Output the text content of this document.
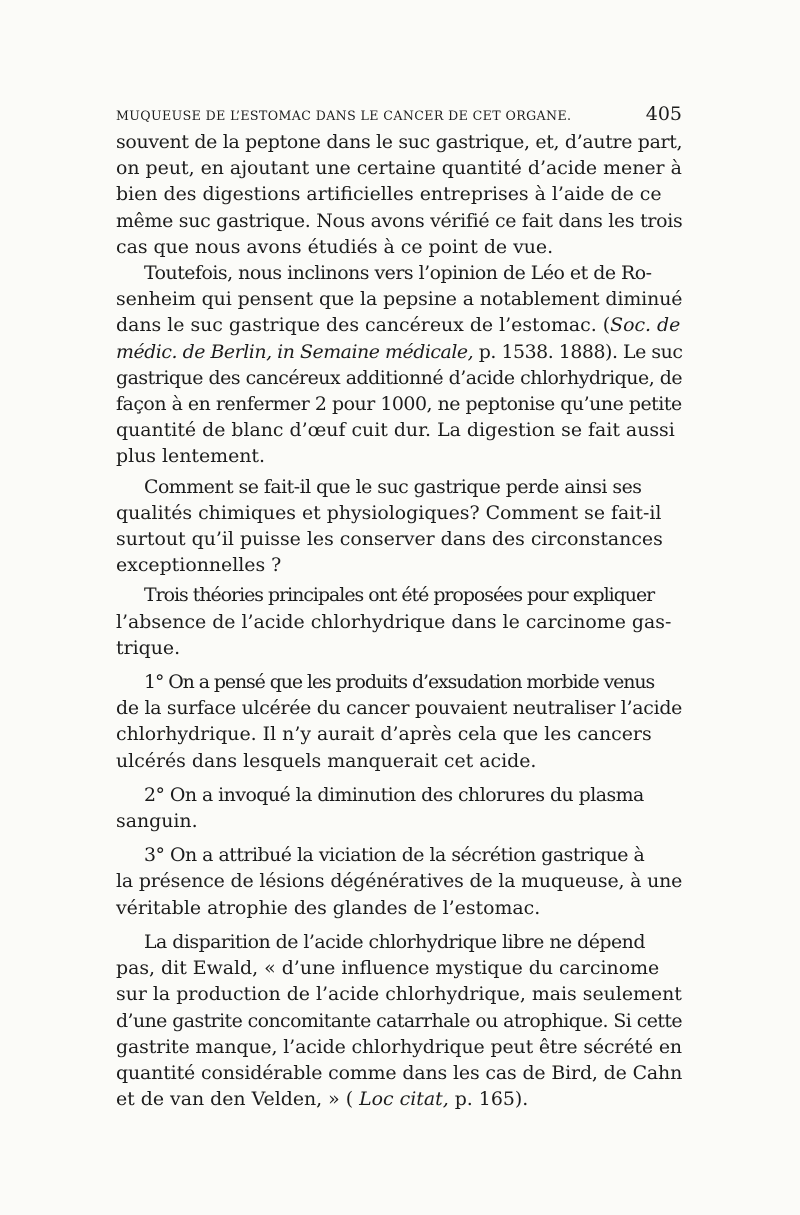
MUQUEUSE DE L’ESTOMAC DANS LE CANCER DE CET ORGANE.	405

souvent de la peptone dans le suc gastrique, et, d’autre part,
on peut, en ajoutant une certaine quantité d’acide mener à
bien des digestions artificielles entreprises à l’aide de ce
même suc gastrique. Nous avons vérifié ce fait dans les trois
cas que nous avons étudiés à ce point de vue.

Toutefois, nous inclinons vers l’opinion de Léo et de Ro-
senheim qui pensent que la pepsine a notablement diminué
dans le suc gastrique des cancéreux de l’estomac. (Soc. de
médic. de Berlin, in Semaine médicale, p. 1538. 1888). Le suc
gastrique des cancéreux additionné d’acide chlorhydrique, de
façon à en renfermer 2 pour 1000, ne peptonise qu’une petite
quantité de blanc d’œuf cuit dur. La digestion se fait aussi
plus lentement.

Comment se fait-il que le suc gastrique perde ainsi ses
qualités chimiques et physiologiques? Comment se fait-il
surtout qu’il puisse les conserver dans des circonstances
exceptionnelles ?

Trois théories principales ont été proposées pour expliquer
l’absence de l’acide chlorhydrique dans le carcinome gas-
trique.

1° On a pensé que les produits d’exsudation morbide venus
de la surface ulcérée du cancer pouvaient neutraliser l’acide
chlorhydrique. Il n’y aurait d’après cela que les cancers
ulcérés dans lesquels manquerait cet acide.

2° On a invoqué la diminution des chlorures du plasma
sanguin.

3° On a attribué la viciation de la sécrétion gastrique à
la présence de lésions dégénératives de la muqueuse, à une
véritable atrophie des glandes de l’estomac.

La disparition de l’acide chlorhydrique libre ne dépend
pas, dit Ewald, « d’une influence mystique du carcinome
sur la production de l’acide chlorhydrique, mais seulement
d’une gastrite concomitante catarrhale ou atrophique. Si cette
gastrite manque, l’acide chlorhydrique peut être sécrété en
quantité considérable comme dans les cas de Bird, de Cahn
et de van den Velden, » ( Loc citat, p. 165).
